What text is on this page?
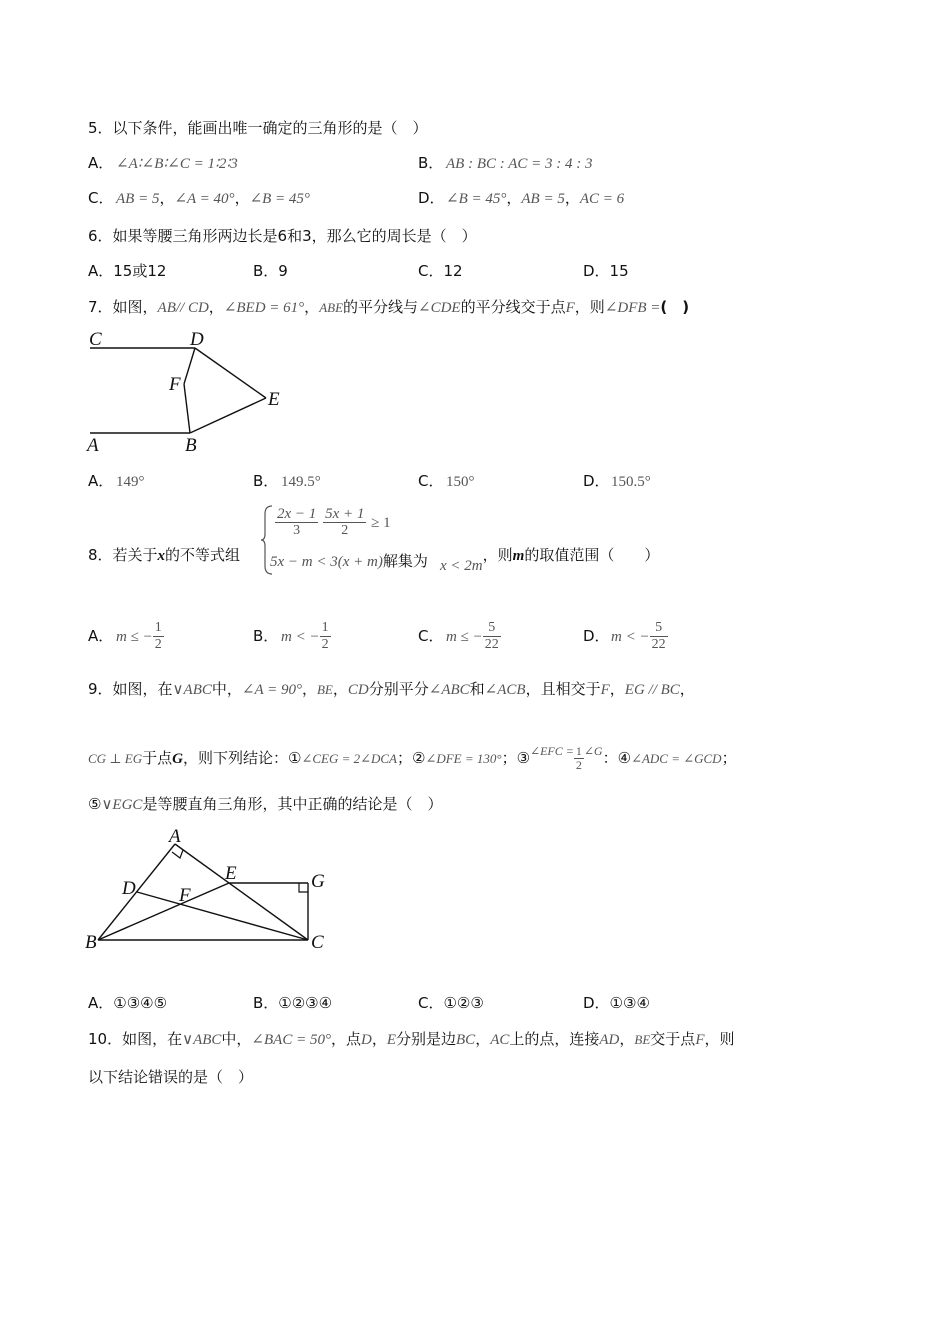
5．以下条件，能画出唯一确定的三角形的是（　）
A． ∠A∶∠B∶∠C = 1∶2∶3	B． AB : BC : AC = 3 : 4 : 3
C． AB = 5，∠A = 40°，∠B = 45°	D．∠B = 45°，AB = 5，AC = 6
6．如果等腰三角形两边长是6和3，那么它的周长是（　）
A．15或12	B．9	C．12	D．15
7．如图，AB// CD，∠BED = 61°，ABE的平分线与∠CDE的平分线交于点F，则∠DFB =(　)
C	D
F
E
A	B
A． 149°	B． 149.5°	C． 150°	D．150.5°
8．若关于x的不等式组
$\frac{2x - 1}{3}$
$\frac{5x + 1}{2} \ge 1$
5x − m < 3(x + m)解集为 x < 2m，则m的取值范围（　　）
A． m ≤ − $\frac{1}{2}$	B． m < − $\frac{1}{2}$	C． m ≤ − $\frac{5}{22}$	D．m < − $\frac{5}{22}$
9．如图，在∨ABC中，∠A = 90°，BE，CD分别平分∠ABC和∠ACB，且相交于F，EG // BC，
CG ⊥ EG于点G，则下列结论：①∠CEG = 2∠DCA；②∠DFE = 130°；③$^{\angle EFC =}$ $\frac{1}{2} ^{\angle G}$：④∠ADC = ∠GCD；
⑤∨EGC是等腰直角三角形，其中正确的结论是（　）
A
D
E	G
F
B	C
A．①③④⑤	B．①②③④	C．①②③	D．①③④
10．如图，在∨ABC中，∠BAC = 50°，点D，E分别是边BC，AC上的点，连接AD，BE交于点F，则
以下结论错误的是（　）
